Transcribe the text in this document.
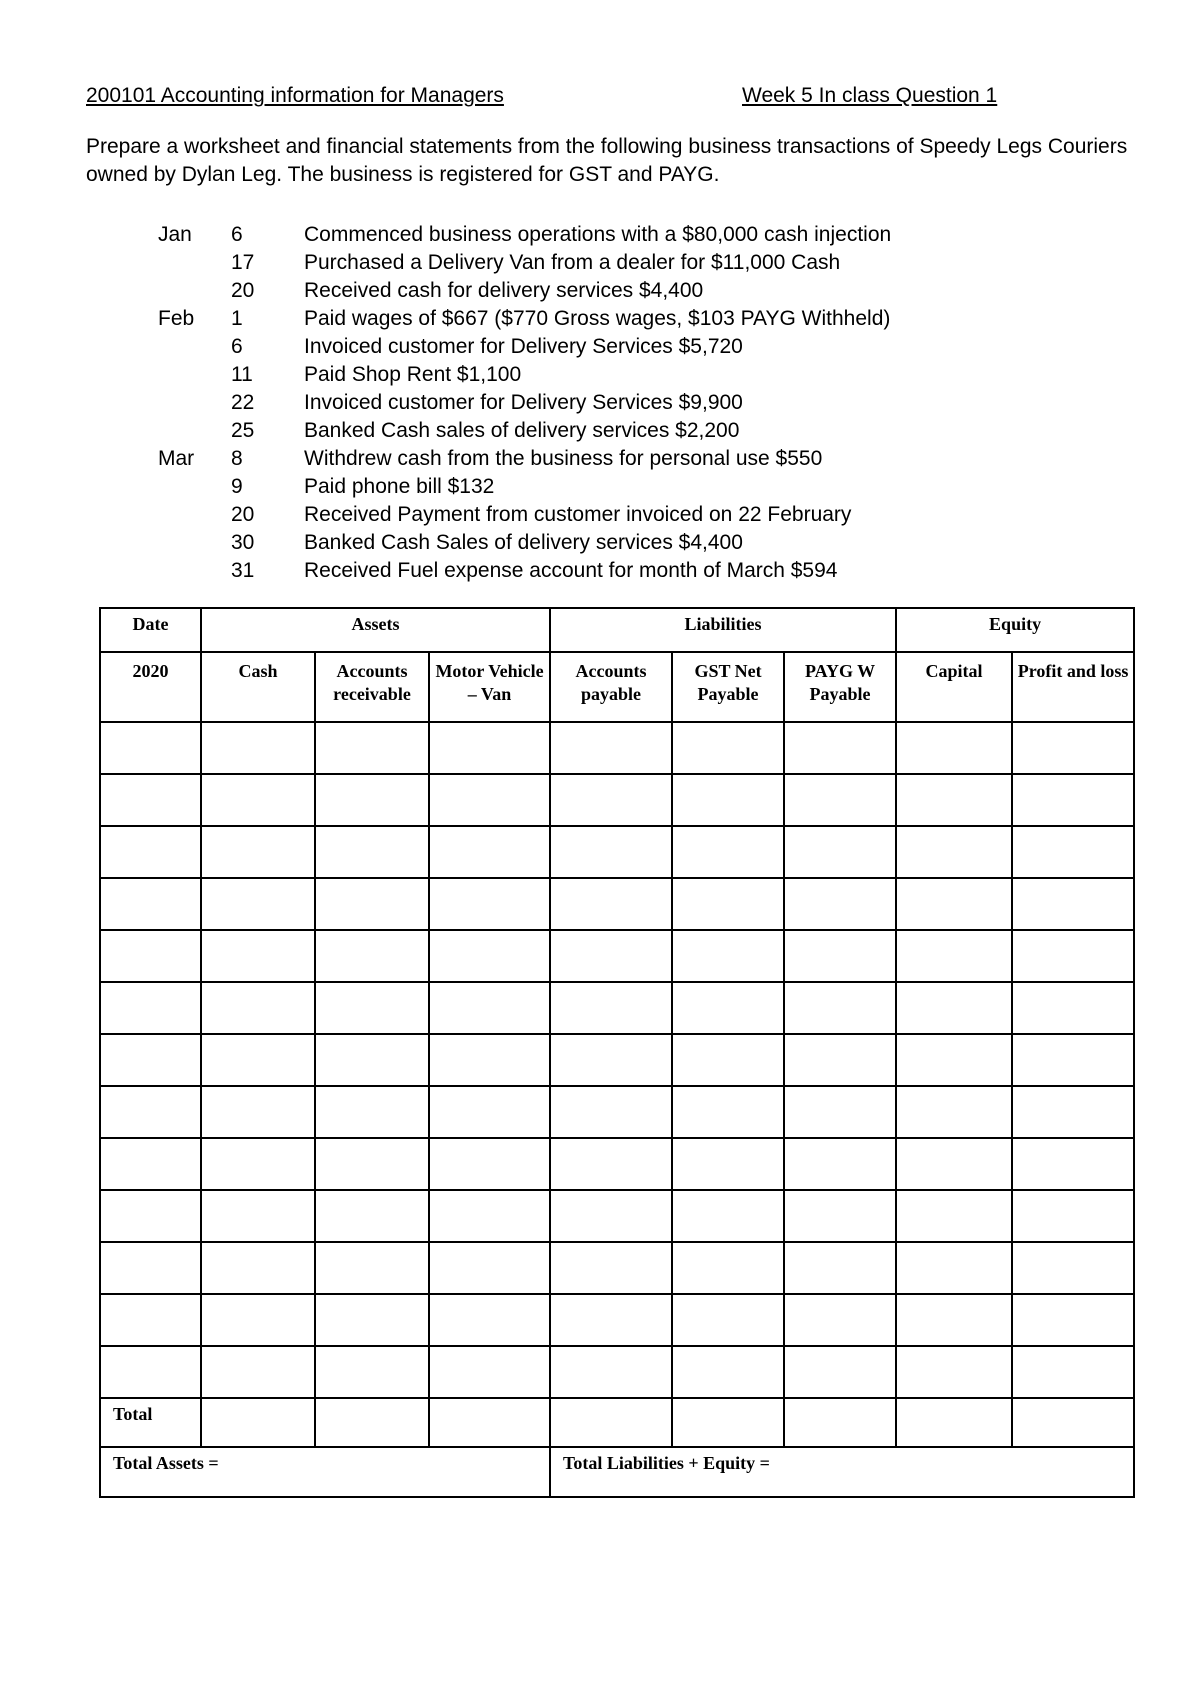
200101 Accounting information for Managers	Week 5 In class Question 1
Prepare a worksheet and financial statements from the following business transactions of Speedy Legs Couriers owned by Dylan Leg. The business is registered for GST and PAYG.
Jan 6	Commenced business operations with a $80,000 cash injection
17 Purchased a Delivery Van from a dealer for $11,000 Cash
20 Received cash for delivery services $4,400
Feb 1	Paid wages of $667 ($770 Gross wages, $103 PAYG Withheld)
6	Invoiced customer for Delivery Services $5,720
11 Paid Shop Rent $1,100
22 Invoiced customer for Delivery Services $9,900
25 Banked Cash sales of delivery services $2,200
Mar 8	Withdrew cash from the business for personal use $550
9	Paid phone bill $132
20 Received Payment from customer invoiced on 22 February
30 Banked Cash Sales of delivery services $4,400
31 Received Fuel expense account for month of March $594
Date	Assets			Liabilities			Equity	
2020	Cash	Accounts receivable	Motor Vehicle – Van	Accounts payable	GST Net Payable	PAYG W Payable	Capital	Profit and loss

Total								
Total Assets =				Total Liabilities + Equity =				
